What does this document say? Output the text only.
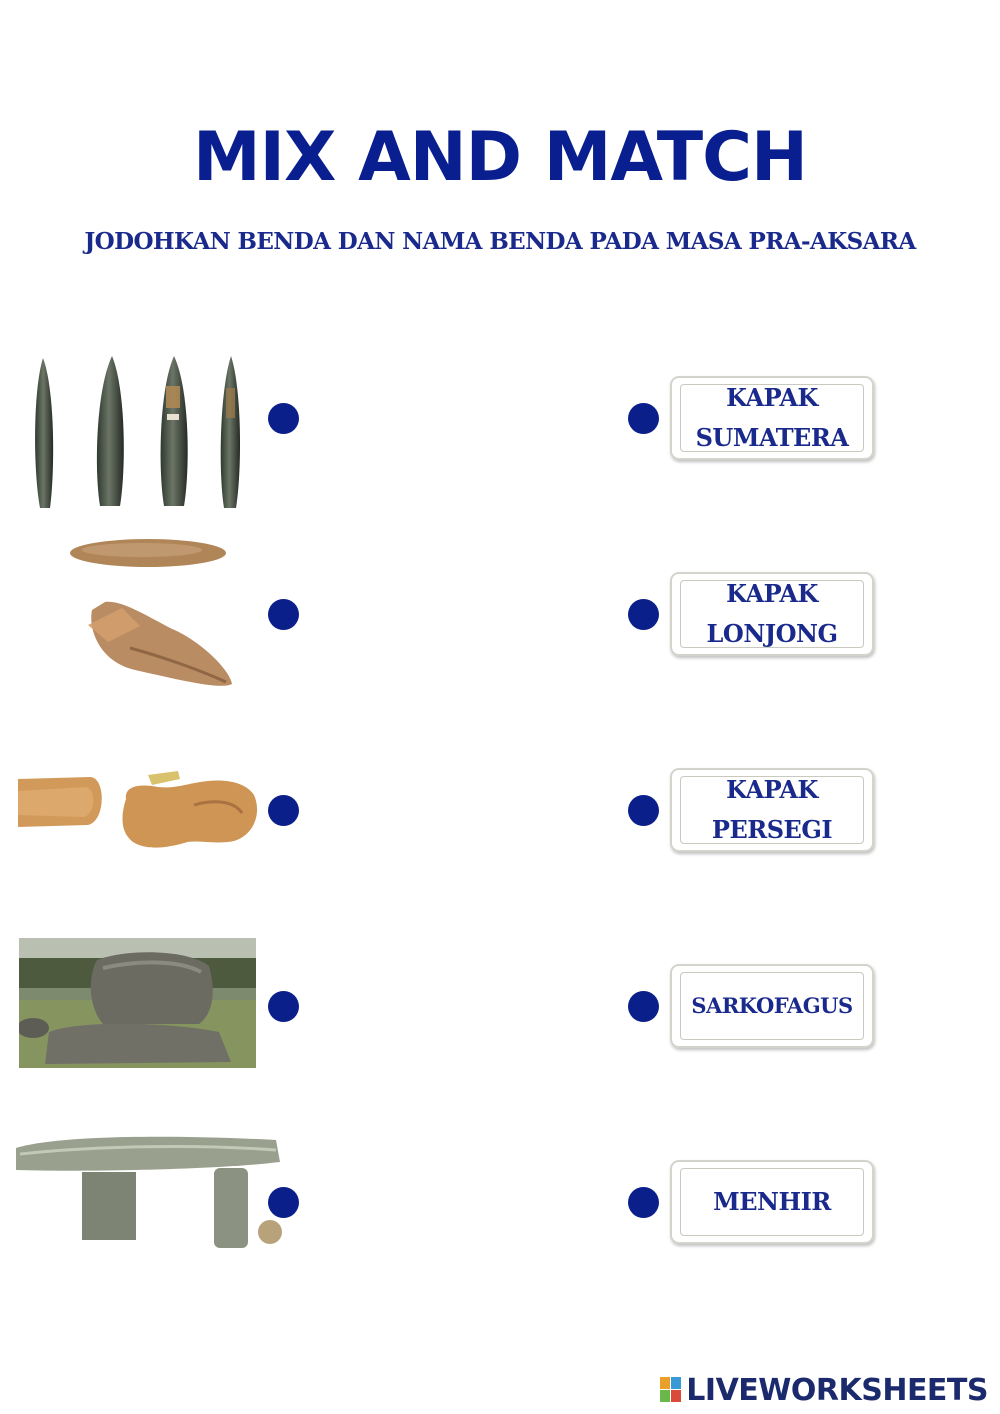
MIX AND MATCH

JODOHKAN BENDA DAN NAMA BENDA PADA MASA PRA-AKSARA

KAPAK
SUMATERA
KAPAK
LONJONG
KAPAK
PERSEGI
SARKOFAGUS
MENHIR
LIVEWORKSHEETS
